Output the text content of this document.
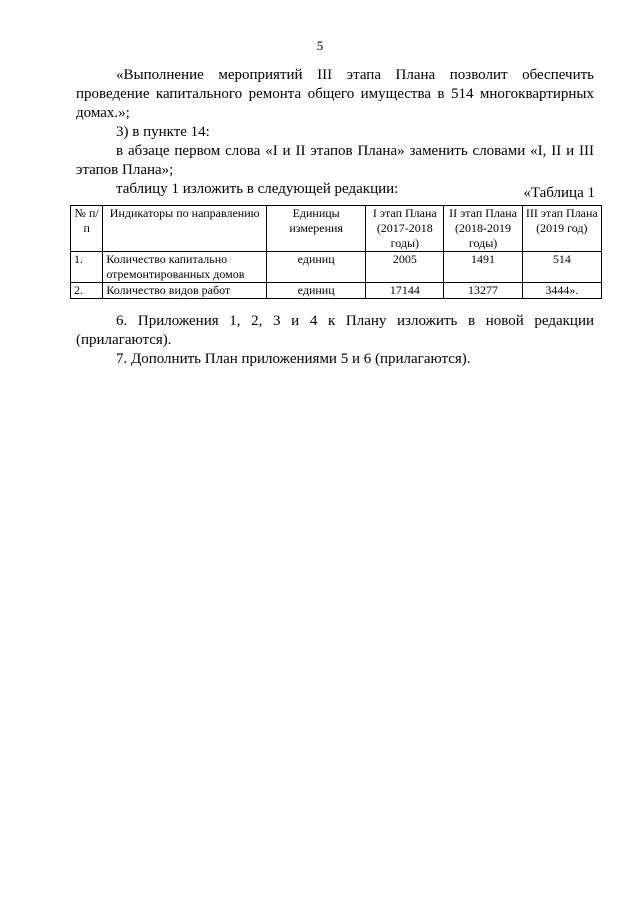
5

«Выполнение мероприятий III этапа Плана позволит обеспечить проведение капитального ремонта общего имущества в 514 многоквартирных домах.»;

3) в пункте 14:

в абзаце первом слова «I и II этапов Плана» заменить словами «I, II и III этапов Плана»;

таблицу 1 изложить в следующей редакции:	«Таблица 1
№ п/п	Индикаторы по направлению	Единицы измерения	I этап Плана (2017-2018 годы)	II этап Плана (2018-2019 годы)	III этап Плана (2019 год)
1.	Количество капитально отремонтированных домов	единиц	2005	1491	514
2.	Количество видов работ	единиц	17144	13277	3444».

6. Приложения 1, 2, 3 и 4 к Плану изложить в новой редакции (прилагаются).

7. Дополнить План приложениями 5 и 6 (прилагаются).
